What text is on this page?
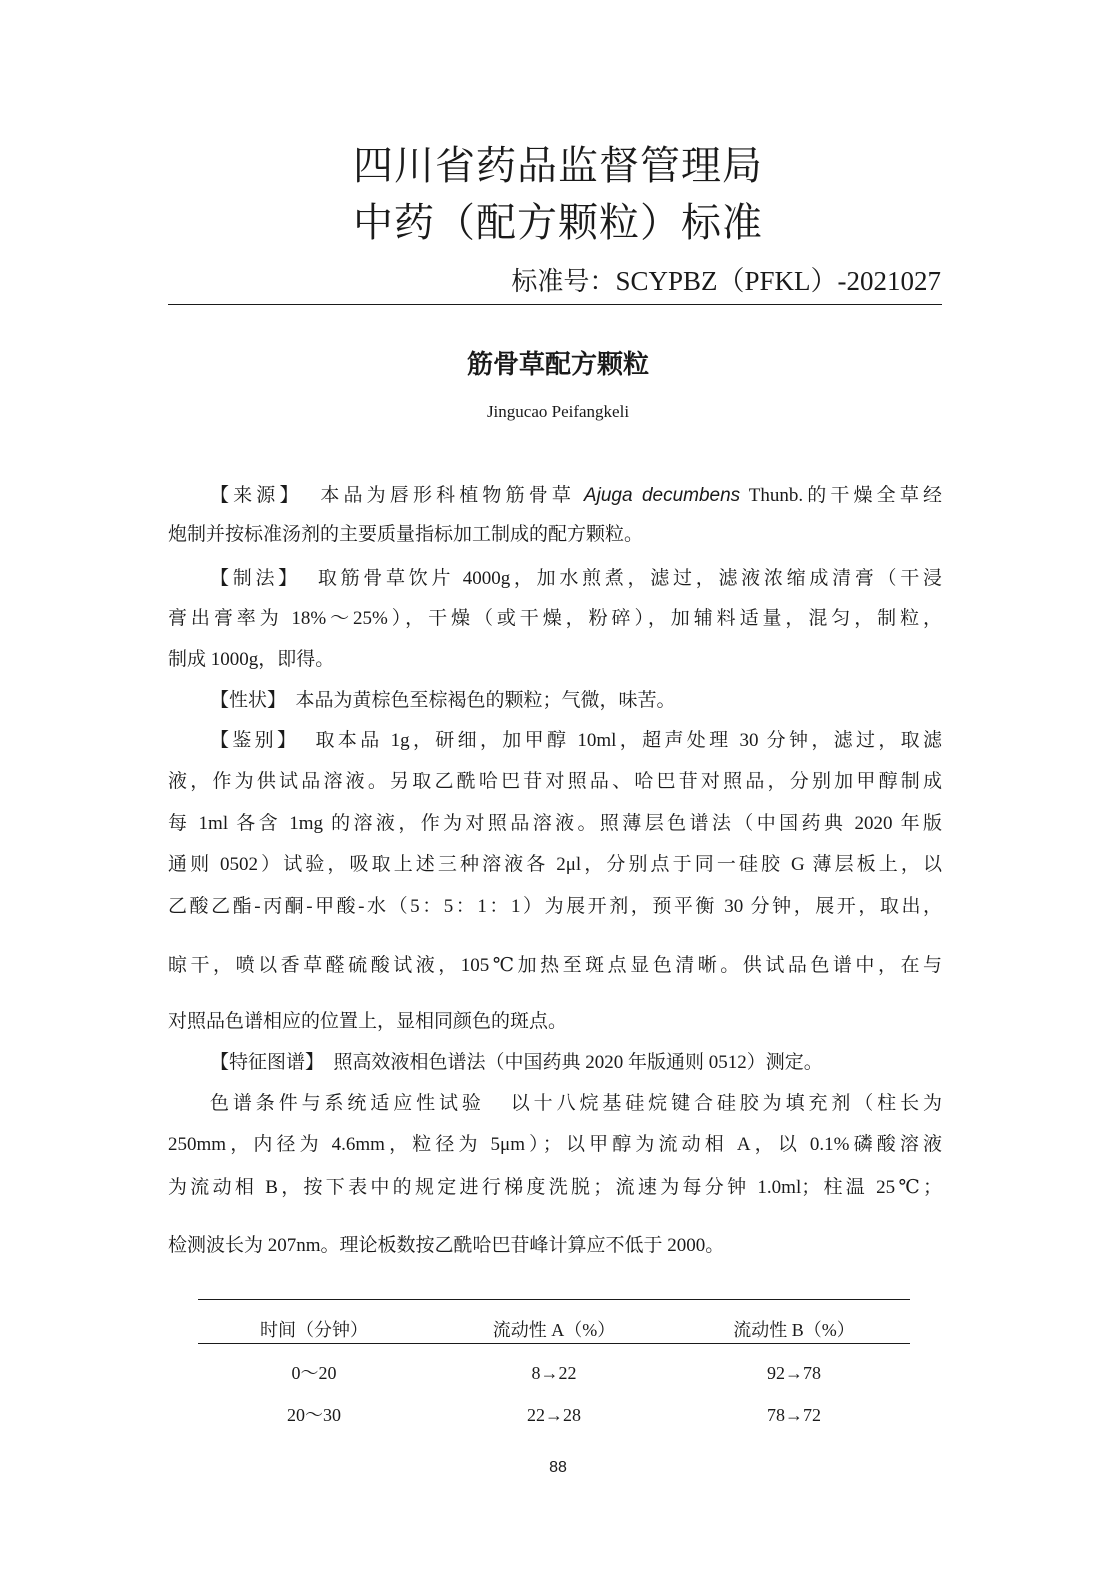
四川省药品监督管理局
中药（配方颗粒）标准
标准号：SCYPBZ（PFKL）-2021027
筋骨草配方颗粒
Jingucao Peifangkeli
【来源】 本品为唇形科植物筋骨草 Ajuga decumbens Thunb.的干燥全草经
炮制并按标准汤剂的主要质量指标加工制成的配方颗粒。
【制法】 取筋骨草饮片 4000g，加水煎煮，滤过，滤液浓缩成清膏（干浸
膏出膏率为 18%～25%），干燥（或干燥，粉碎），加辅料适量，混匀，制粒，
制成 1000g，即得。
【性状】 本品为黄棕色至棕褐色的颗粒；气微，味苦。
【鉴别】 取本品 1g，研细，加甲醇 10ml，超声处理 30 分钟，滤过，取滤
液，作为供试品溶液。另取乙酰哈巴苷对照品、哈巴苷对照品，分别加甲醇制成
每 1ml 各含 1mg 的溶液，作为对照品溶液。照薄层色谱法（中国药典 2020 年版
通则 0502）试验，吸取上述三种溶液各 2μl，分别点于同一硅胶 G 薄层板上，以
乙酸乙酯-丙酮-甲酸-水（5：5：1：1）为展开剂，预平衡 30 分钟，展开，取出，
晾干，喷以香草醛硫酸试液，105℃加热至斑点显色清晰。供试品色谱中，在与
对照品色谱相应的位置上，显相同颜色的斑点。
【特征图谱】 照高效液相色谱法（中国药典 2020 年版通则 0512）测定。
色谱条件与系统适应性试验 以十八烷基硅烷键合硅胶为填充剂（柱长为
250mm，内径为 4.6mm，粒径为 5μm）；以甲醇为流动相 A，以 0.1%磷酸溶液
为流动相 B，按下表中的规定进行梯度洗脱；流速为每分钟 1.0ml；柱温 25℃；
检测波长为 207nm。理论板数按乙酰哈巴苷峰计算应不低于 2000。
时间（分钟）	流动性 A（%）	流动性 B（%）
0～20	8→22	92→78
20～30	22→28	78→72
88
